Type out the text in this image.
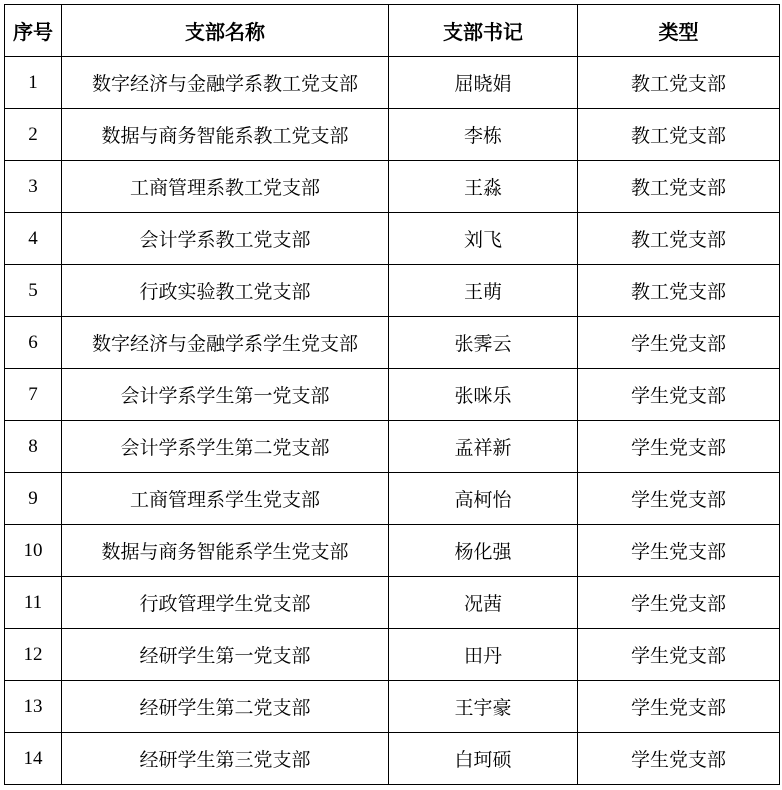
序号	支部名称	支部书记	类型
1	数字经济与金融学系教工党支部	屈晓娟	教工党支部
2	数据与商务智能系教工党支部	李栋	教工党支部
3	工商管理系教工党支部	王淼	教工党支部
4	会计学系教工党支部	刘飞	教工党支部
5	行政实验教工党支部	王萌	教工党支部
6	数字经济与金融学系学生党支部	张霁云	学生党支部
7	会计学系学生第一党支部	张咪乐	学生党支部
8	会计学系学生第二党支部	孟祥新	学生党支部
9	工商管理系学生党支部	高柯怡	学生党支部
10	数据与商务智能系学生党支部	杨化强	学生党支部
11	行政管理学生党支部	况茜	学生党支部
12	经研学生第一党支部	田丹	学生党支部
13	经研学生第二党支部	王宇豪	学生党支部
14	经研学生第三党支部	白珂硕	学生党支部
